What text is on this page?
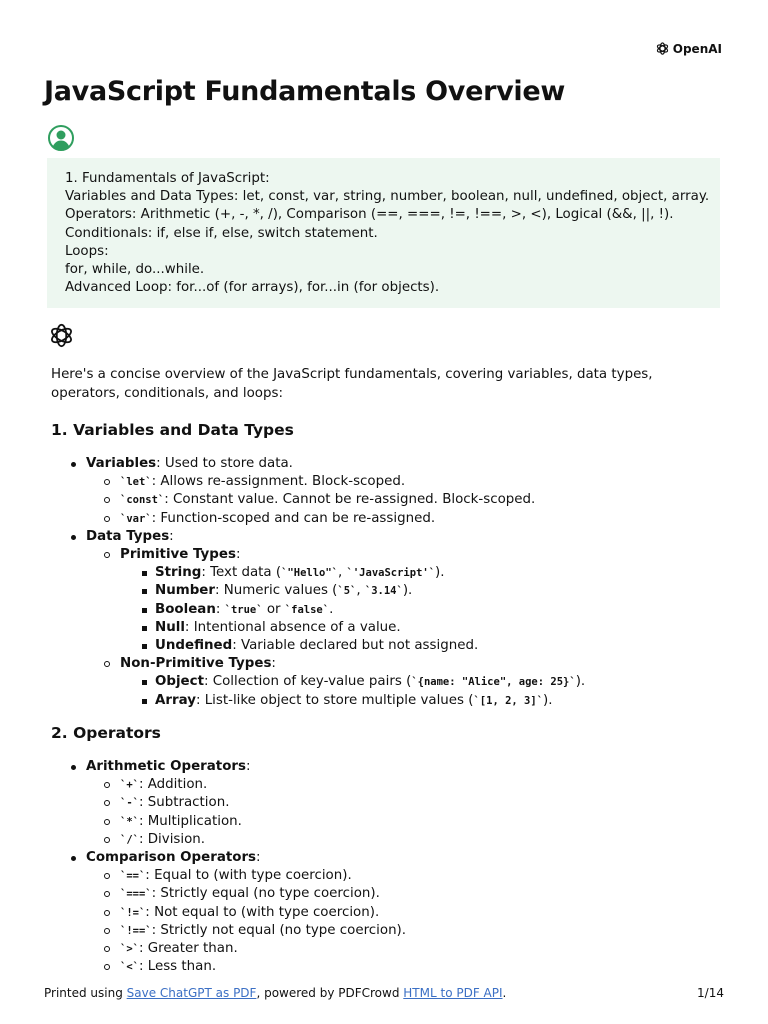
OpenAI
JavaScript Fundamentals Overview
1. Fundamentals of JavaScript:
Variables and Data Types: let, const, var, string, number, boolean, null, undefined, object, array.
Operators: Arithmetic (+, -, *, /), Comparison (==, ===, !=, !==, >, <), Logical (&&, ||, !).
Conditionals: if, else if, else, switch statement.
Loops:
for, while, do...while.
Advanced Loop: for...of (for arrays), for...in (for objects).

Here's a concise overview of the JavaScript fundamentals, covering variables, data types, operators, conditionals, and loops:

1. Variables and Data Types
Variables: Used to store data.
`let`: Allows re-assignment. Block-scoped.
`const`: Constant value. Cannot be re-assigned. Block-scoped.
`var`: Function-scoped and can be re-assigned.
Data Types:
Primitive Types:
String: Text data (`"Hello"`, `'JavaScript'`).
Number: Numeric values (`5`, `3.14`).
Boolean: `true` or `false`.
Null: Intentional absence of a value.
Undefined: Variable declared but not assigned.
Non-Primitive Types:
Object: Collection of key-value pairs (`{name: "Alice", age: 25}`).
Array: List-like object to store multiple values (`[1, 2, 3]`).
2. Operators
Arithmetic Operators:
`+`: Addition.
`-`: Subtraction.
`*`: Multiplication.
`/`: Division.
Comparison Operators:
`==`: Equal to (with type coercion).
`===`: Strictly equal (no type coercion).
`!=`: Not equal to (with type coercion).
`!==`: Strictly not equal (no type coercion).
`>`: Greater than.
`<`: Less than.
Printed using Save ChatGPT as PDF, powered by PDFCrowd HTML to PDF API.	1/14
